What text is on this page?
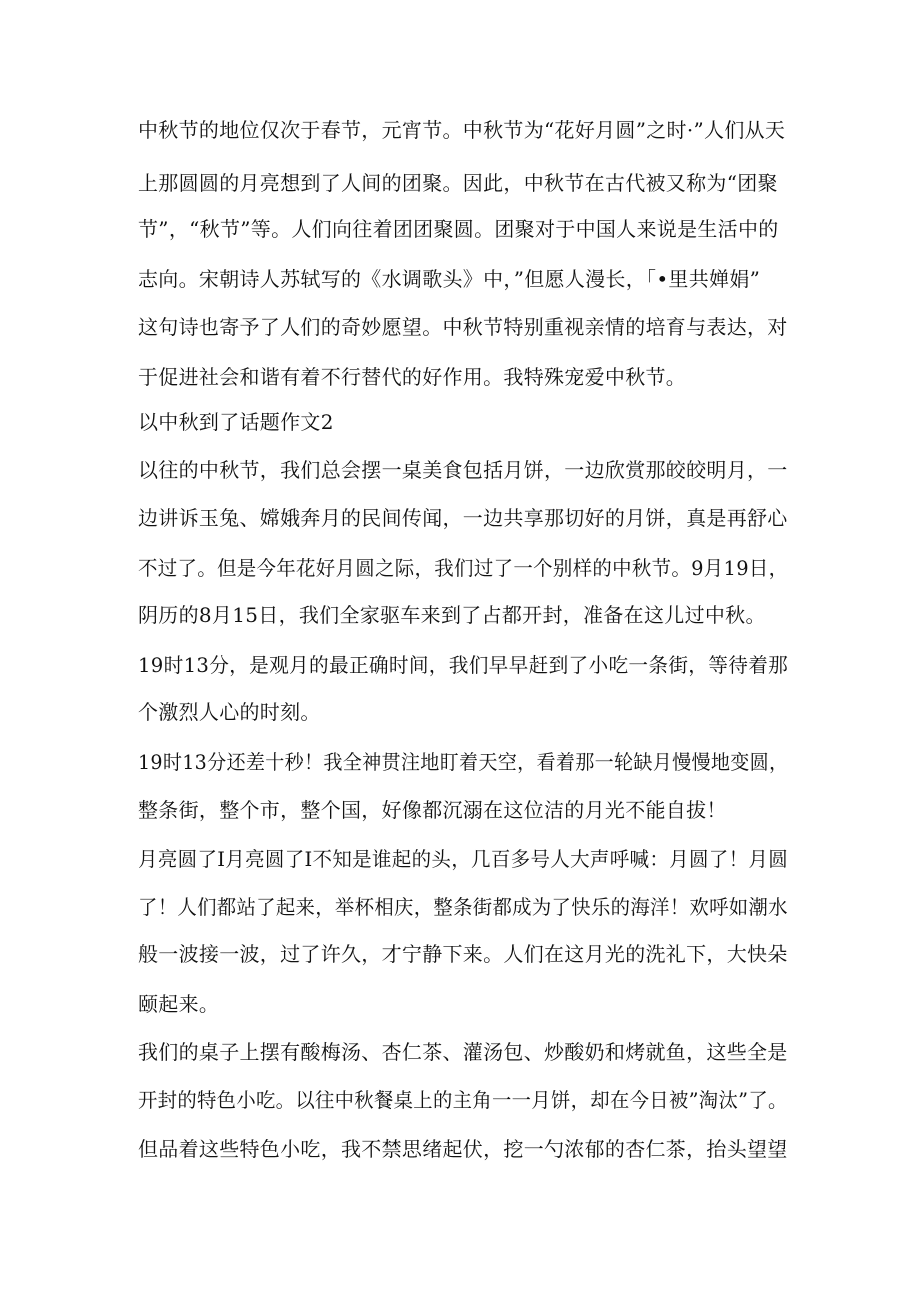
中秋节的地位仅次于春节，元宵节。中秋节为“花好月圆”之时·”人们从天
上那圆圆的月亮想到了人间的团聚。因此，中秋节在古代被又称为“团聚
节”，“秋节”等。人们向往着团团聚圆。团聚对于中国人来说是生活中的
志向。宋朝诗人苏轼写的《水调歌头》中，”但愿人漫长，「•里共婵娟”
这句诗也寄予了人们的奇妙愿望。中秋节特别重视亲情的培育与表达，对
于促进社会和谐有着不行替代的好作用。我特殊宠爱中秋节。
以中秋到了话题作文2
以往的中秋节，我们总会摆一桌美食包括月饼，一边欣赏那皎皎明月，一
边讲诉玉兔、嫦娥奔月的民间传闻，一边共享那切好的月饼，真是再舒心
不过了。但是今年花好月圆之际，我们过了一个别样的中秋节。9月19日，
阴历的8月15日，我们全家驱车来到了占都开封，准备在这儿过中秋。
19时13分，是观月的最正确时间，我们早早赶到了小吃一条街，等待着那
个激烈人心的时刻。
19时13分还差十秒！我全神贯注地盯着天空，看着那一轮缺月慢慢地变圆，
整条街，整个市，整个国，好像都沉溺在这位洁的月光不能自拔！
月亮圆了I月亮圆了I不知是谁起的头，几百多号人大声呼喊：月圆了！月圆
了！人们都站了起来，举杯相庆，整条街都成为了快乐的海洋！欢呼如潮水
般一波接一波，过了许久，才宁静下来。人们在这月光的洗礼下，大快朵
颐起来。
我们的桌子上摆有酸梅汤、杏仁茶、灌汤包、炒酸奶和烤就鱼，这些全是
开封的特色小吃。以往中秋餐桌上的主角一一月饼，却在今日被”淘汰”了。
但品着这些特色小吃，我不禁思绪起伏，挖一勺浓郁的杏仁茶，抬头望望
